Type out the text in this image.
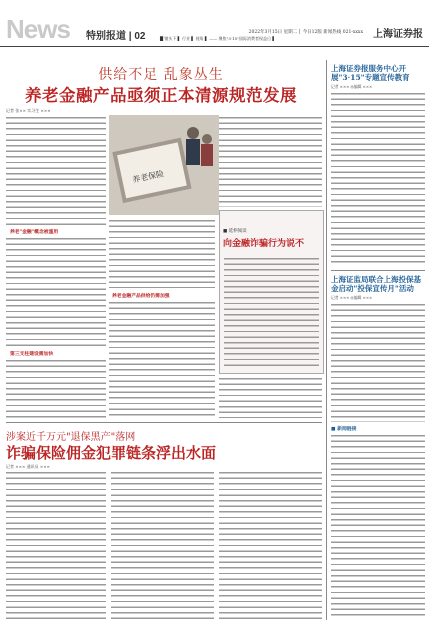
News 特别报道 | 02	█ 镜头下 ▌ 行业 ▌ 视角 ▌ —— 聚焦"3·15"国际消费者权益日 ▌
2022年3月15日 星期二 │ 今日12版 新闻热线 021-xxxx 上海证券报
供给不足 乱象丛生
养老金融产品亟须正本清源规范发展
记者 张×× 实习生 ×××
养老"金融"概念被滥用
第三支柱建设需加快
养老保险
养老金融产品供给仍需加强
■ 延伸阅读
向金融诈骗行为说不
涉案近千万元"退保黑产"落网
诈骗保险佣金犯罪链条浮出水面
记者 ××× 通讯员 ×××
上海证券报服务中心开展"3·15"专题宣传教育
记者 ××× ◎编辑 ×××
上海证监局联合上海投保基金启动"投保宣传月"活动
记者 ××× ◎编辑 ×××
■ 新闻链接
